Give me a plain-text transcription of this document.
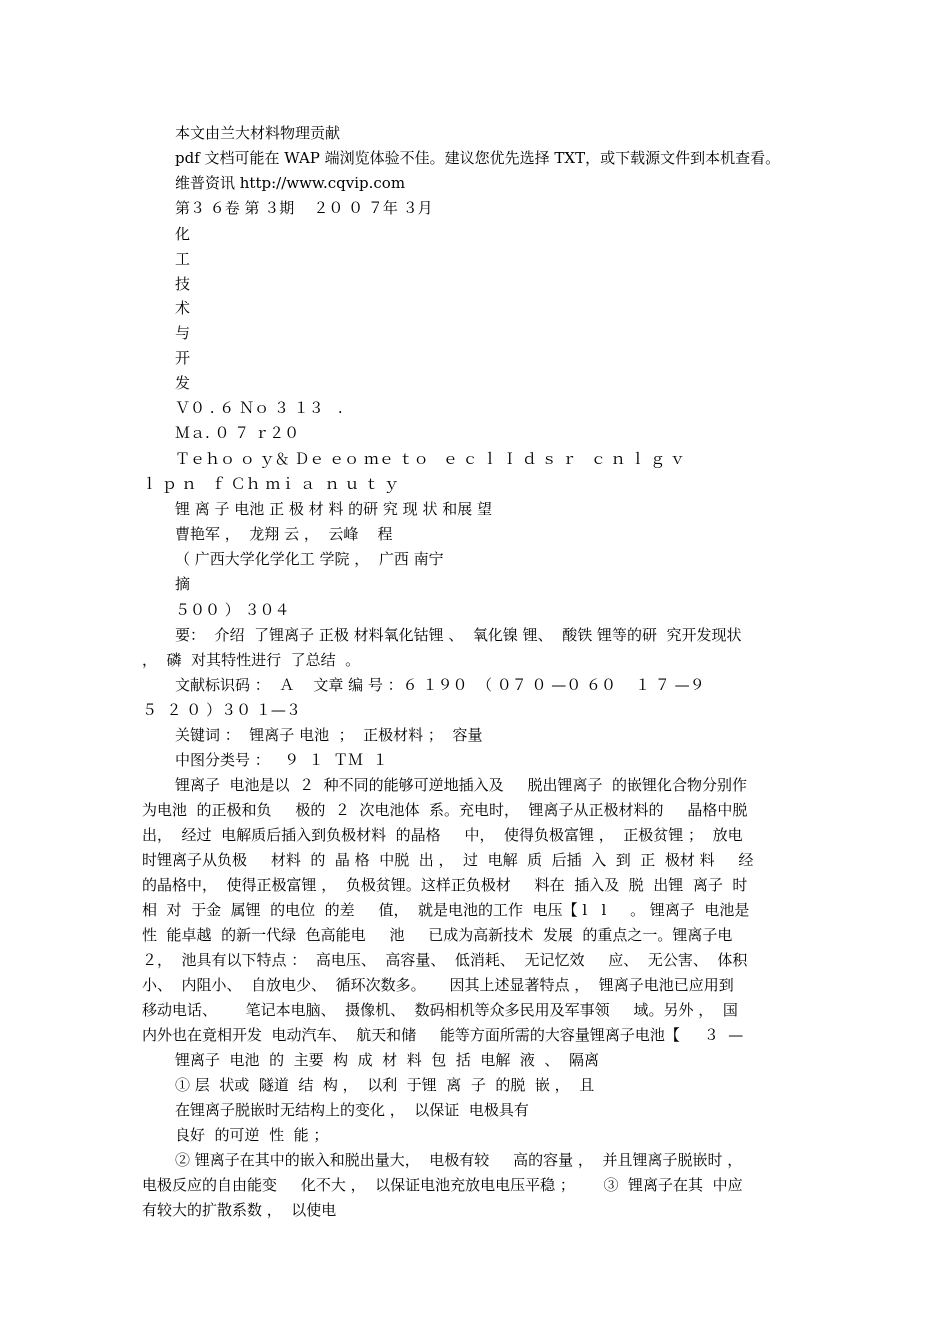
本文由兰大材料物理贡献
pdf 文档可能在 WAP 端浏览体验不佳。建议您优先选择 TXT，或下载源文件到本机查看。
维普资讯 http://www.cqvip.com
第３ ６卷 第 ３期    ２０ ０ ７年 ３月
化
工
技
术
与
开
发
Ｖ０ . ６ Ｎｏ ３ １３   .
Ｍａ. ０ ７ ｒ２０
Ｔｅｈｏ ｏ ｙ＆ Ｄｅ ｅｏ ｍｅ ｔｏ   ｅ ｃ ｌ Ｉ ｄ ｓ ｒ   ｃ ｎ ｌ ｇ ｖ
ｌ ｐ ｎ   ｆ Ｃｈ ｍｉ ａ  ｎ ｕ ｔ ｙ
锂 离 子 电池 正 极 材 料 的研 究 现 状 和展 望
曹艳军 ，  龙翔 云 ，  云峰    程
（ 广西大学化学化工 学院 ，  广西 南宁
摘
５００ ） ３０４
要：  介绍  了锂离子 正极 材料氧化钴锂 、  氧化镍 锂、  酸铁 锂等的研  究开发现状
，  磷  对其特性进行  了总结  。
文献标识码 ：  Ａ    文章 编 号 ：６ １９０  （ ０７ ０ —０ ６０    １ ７ —９
５  ２ ０ ）３０ １—３
关键词 ：  锂离子 电池  ；  正极材料 ；  容量
中图分类号 ：   ９  １  ＴＭ  １
锂离子  电池是以  ２  种不同的能够可逆地插入及     脱出锂离子  的嵌锂化合物分别作
为电池  的正极和负     极的  ２  次电池体  系。充电时，  锂离子从正极材料的     晶格中脱
出，  经过  电解质后插入到负极材料  的晶格     中，  使得负极富锂 ，  正极贫锂 ；  放电
时锂离子从负极     材料  的  晶 格  中脱  出 ，  过  电解  质  后插  入  到  正  极材 料     经
的晶格中，  使得正极富锂 ，  负极贫锂。这样正负极材     料在  插入及  脱  出锂  离子  时
相  对  于金  属锂  的电位  的差     值，  就是电池的工作  电压【 l   l     。 锂离子  电池是
性  能卓越  的新一代绿  色高能电     池     已成为高新技术  发展  的重点之一。锂离子电
２，  池具有以下特点 ：  高电压、  高容量、  低消耗、  无记忆效     应、  无公害、  体积
小、  内阻小、  自放电少、  循环次数多。     因其上述显著特点 ，  锂离子电池已应用到
移动电话、      笔记本电脑、  摄像机、  数码相机等众多民用及军事领     域。另外 ，  国
内外也在竟相开发  电动汽车、  航天和储     能等方面所需的大容量锂离子电池【     ３  —
锂离子  电池  的  主要  构  成  材  料  包  括  电解  液  、  隔离
① 层  状或  隧道  结  构 ，  以利  于锂  离  子  的脱  嵌 ，  且
在锂离子脱嵌时无结构上的变化 ，  以保证  电极具有
良好  的可逆  性  能 ；
② 锂离子在其中的嵌入和脱出量大，  电极有较     高的容量 ，  并且锂离子脱嵌时 ，
电极反应的自由能变     化不大 ，  以保证电池充放电电压平稳 ；      ③  锂离子在其  中应
有较大的扩散系数 ，  以使电
